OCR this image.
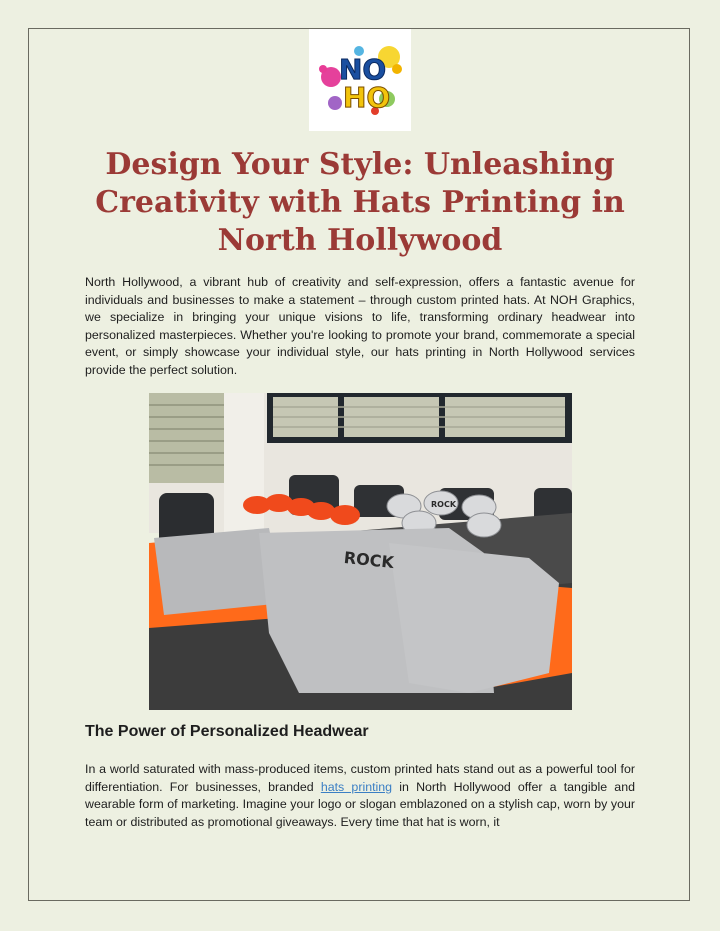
NO
HO
Design Your Style: Unleashing Creativity with Hats Printing in North Hollywood

North Hollywood, a vibrant hub of creativity and self-expression, offers a fantastic avenue for individuals and businesses to make a statement – through custom printed hats. At NOH Graphics, we specialize in bringing your unique visions to life, transforming ordinary headwear into personalized masterpieces. Whether you're looking to promote your brand, commemorate a special event, or simply showcase your individual style, our hats printing in North Hollywood services provide the perfect solution.

ROCK
ROCK
The Power of Personalized Headwear

In a world saturated with mass-produced items, custom printed hats stand out as a powerful tool for differentiation. For businesses, branded hats printing in North Hollywood offer a tangible and wearable form of marketing. Imagine your logo or slogan emblazoned on a stylish cap, worn by your team or distributed as promotional giveaways. Every time that hat is worn, it
